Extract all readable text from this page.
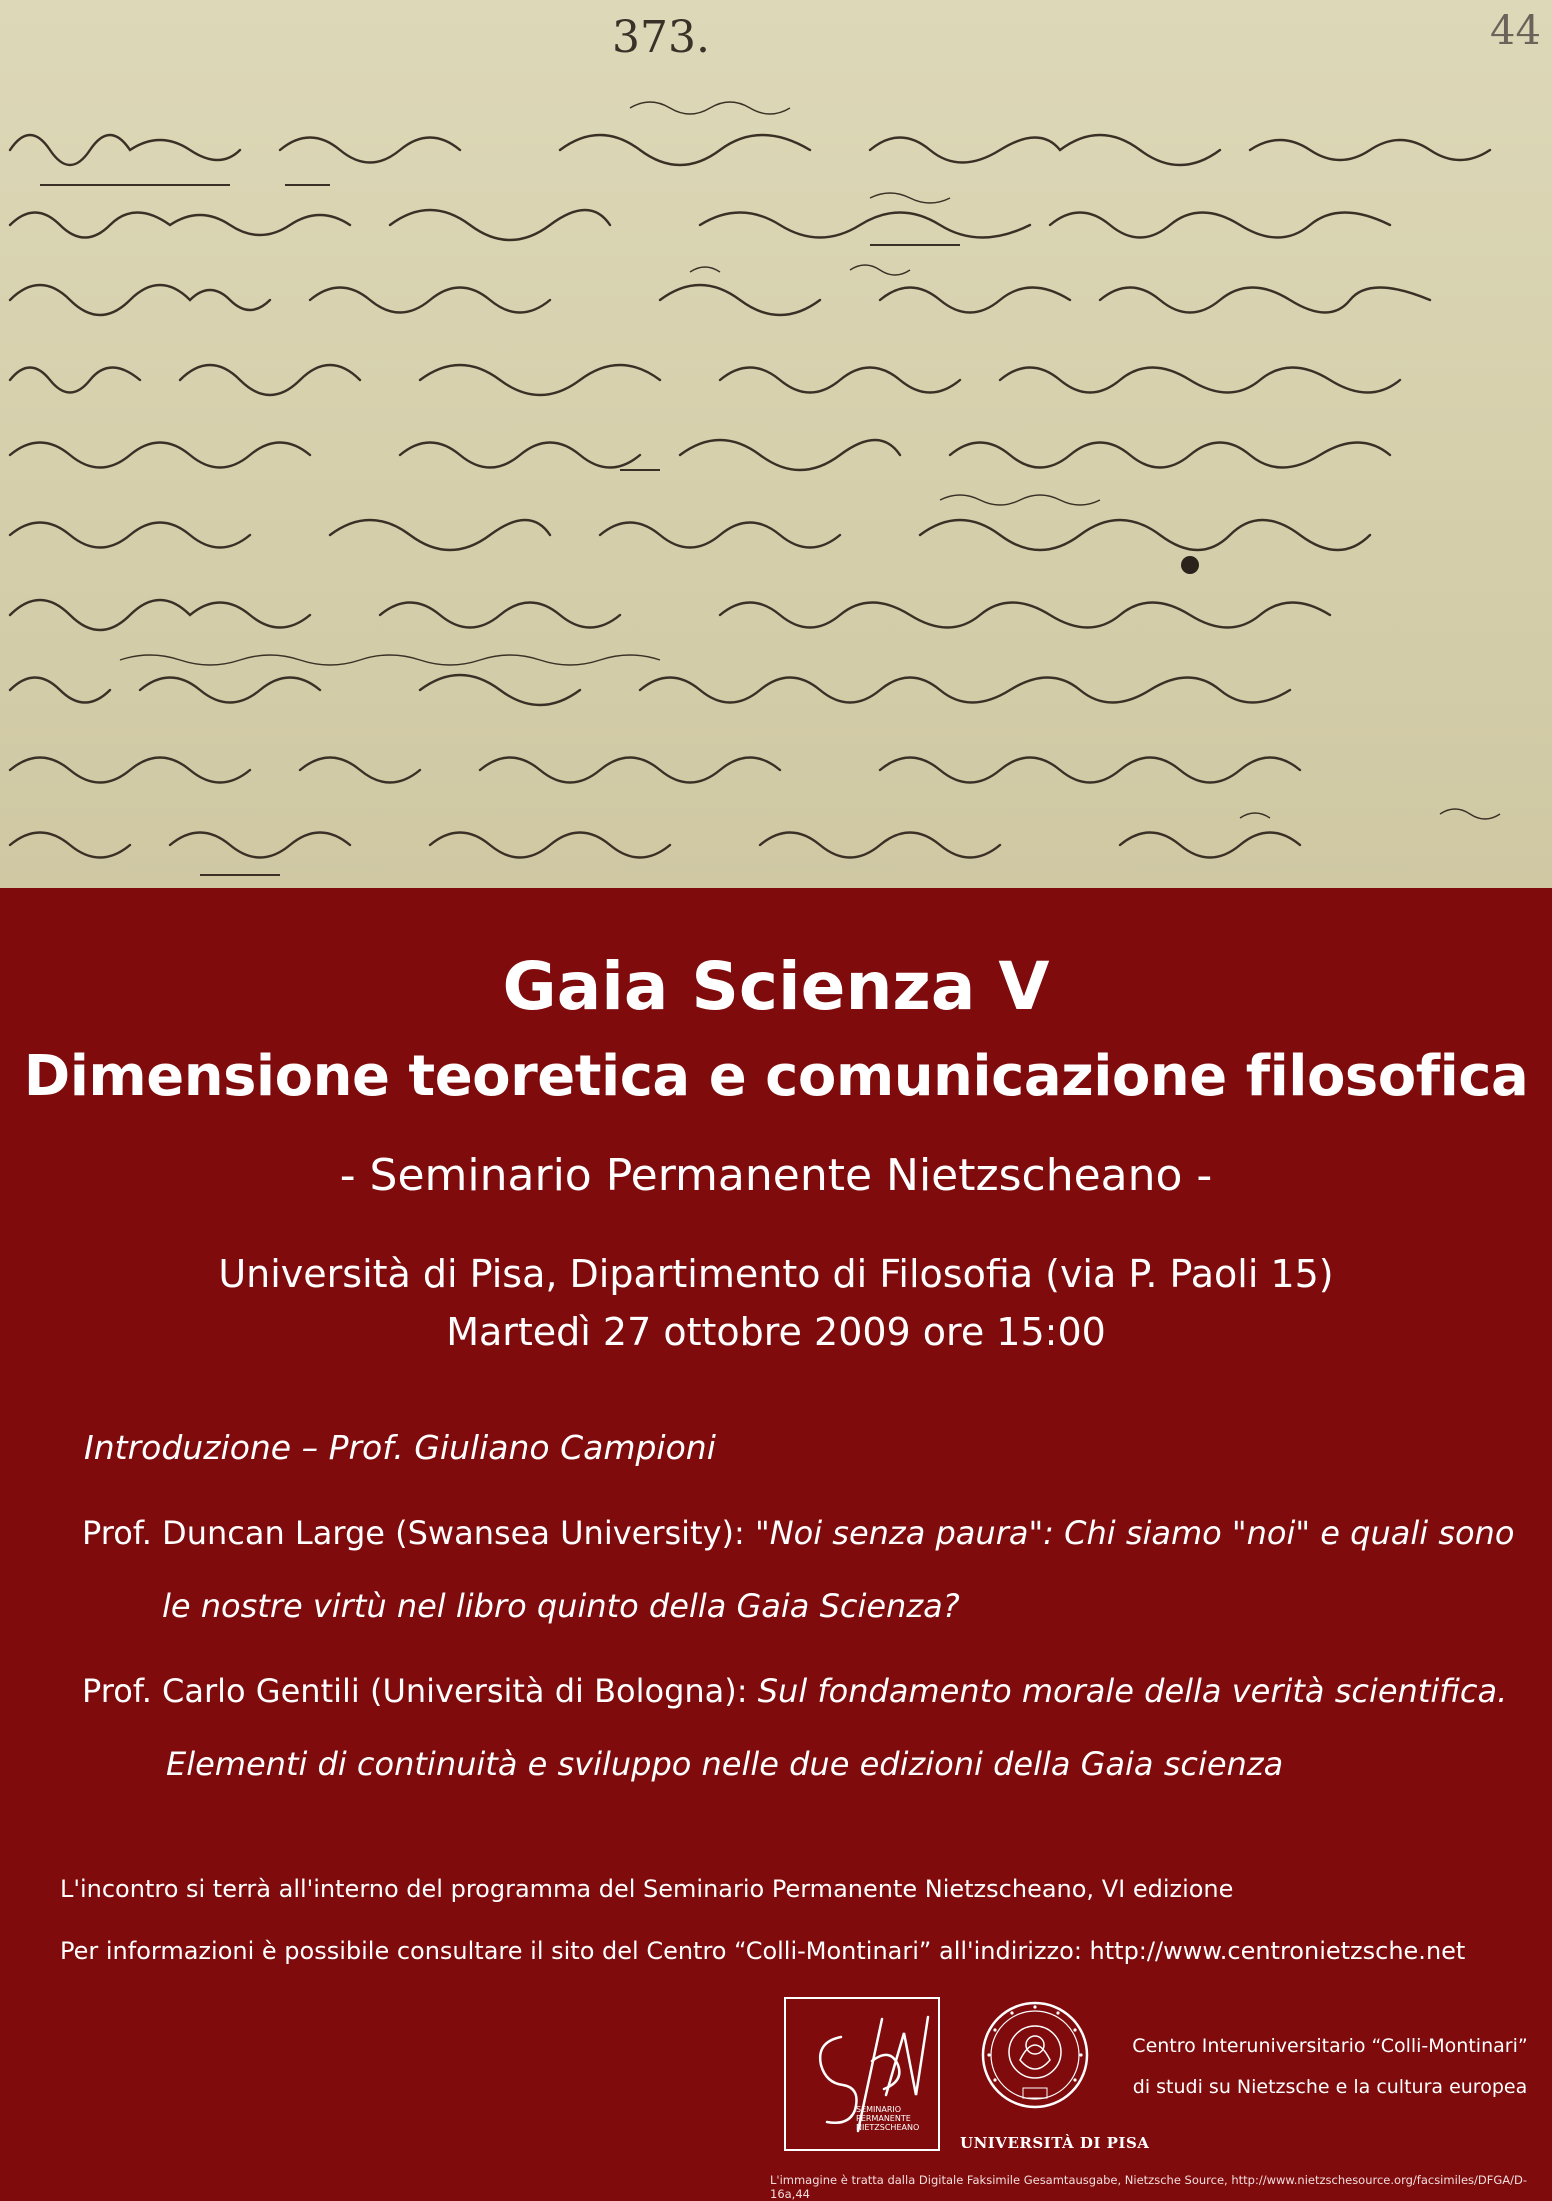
373.	44
Gaia Scienza V
Dimensione teoretica e comunicazione filosofica
- Seminario Permanente Nietzscheano -
Università di Pisa, Dipartimento di Filosofia (via P. Paoli 15)
Martedì 27 ottobre 2009 ore 15:00
Introduzione – Prof. Giuliano Campioni
Prof. Duncan Large (Swansea University): "Noi senza paura": Chi siamo "noi" e quali sono
le nostre virtù nel libro quinto della Gaia Scienza?
Prof. Carlo Gentili (Università di Bologna): Sul fondamento morale della verità scientifica.
Elementi di continuità e sviluppo nelle due edizioni della Gaia scienza
L'incontro si terrà all'interno del programma del Seminario Permanente Nietzscheano, VI edizione
Per informazioni è possibile consultare il sito del Centro “Colli-Montinari” all'indirizzo: http://www.centronietzsche.net
SEMINARIO
PERMANENTE
NIETZSCHEANO
UNIVERSITÀ DI PISA
Centro Interuniversitario “Colli-Montinari”
di studi su Nietzsche e la cultura europea
L'immagine è tratta dalla Digitale Faksimile Gesamtausgabe, Nietzsche Source, http://www.nietzschesource.org/facsimiles/DFGA/D-16a,44
